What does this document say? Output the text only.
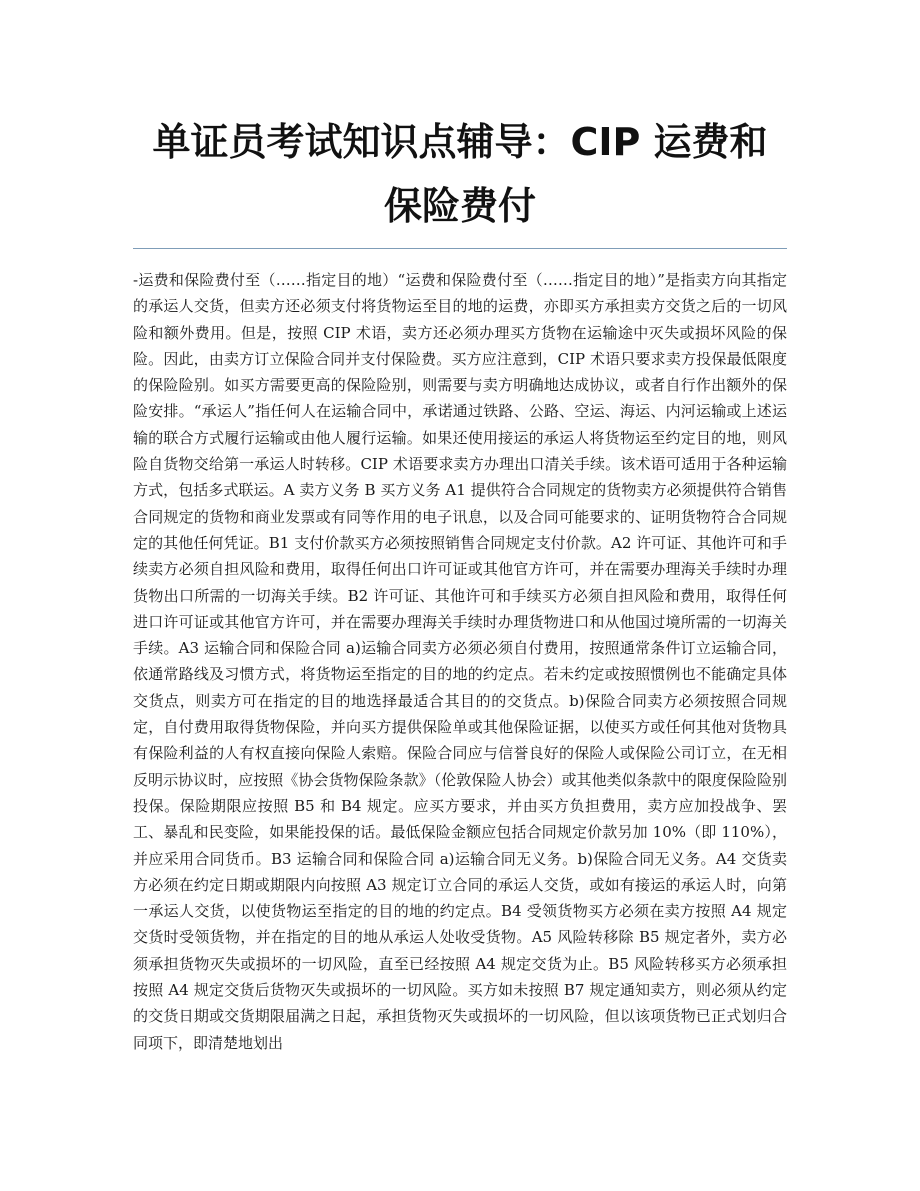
单证员考试知识点辅导：CIP 运费和
保险费付

-运费和保险费付至（……指定目的地）“运费和保险费付至（……指定目的地）”是指卖方向其指定的承运人交货，但卖方还必须支付将货物运至目的地的运费，亦即买方承担卖方交货之后的一切风险和额外费用。但是，按照 CIP 术语，卖方还必须办理买方货物在运输途中灭失或损坏风险的保险。因此，由卖方订立保险合同并支付保险费。买方应注意到，CIP 术语只要求卖方投保最低限度的保险险别。如买方需要更高的保险险别，则需要与卖方明确地达成协议，或者自行作出额外的保险安排。“承运人”指任何人在运输合同中，承诺通过铁路、公路、空运、海运、内河运输或上述运输的联合方式履行运输或由他人履行运输。如果还使用接运的承运人将货物运至约定目的地，则风险自货物交给第一承运人时转移。CIP 术语要求卖方办理出口清关手续。该术语可适用于各种运输方式，包括多式联运。A 卖方义务 B 买方义务 A1 提供符合合同规定的货物卖方必须提供符合销售合同规定的货物和商业发票或有同等作用的电子讯息，以及合同可能要求的、证明货物符合合同规定的其他任何凭证。B1 支付价款买方必须按照销售合同规定支付价款。A2 许可证、其他许可和手续卖方必须自担风险和费用，取得任何出口许可证或其他官方许可，并在需要办理海关手续时办理货物出口所需的一切海关手续。B2 许可证、其他许可和手续买方必须自担风险和费用，取得任何进口许可证或其他官方许可，并在需要办理海关手续时办理货物进口和从他国过境所需的一切海关手续。A3 运输合同和保险合同 a)运输合同卖方必须必须自付费用，按照通常条件订立运输合同，依通常路线及习惯方式，将货物运至指定的目的地的约定点。若未约定或按照惯例也不能确定具体交货点，则卖方可在指定的目的地选择最适合其目的的交货点。b)保险合同卖方必须按照合同规定，自付费用取得货物保险，并向买方提供保险单或其他保险证据，以使买方或任何其他对货物具有保险利益的人有权直接向保险人索赔。保险合同应与信誉良好的保险人或保险公司订立，在无相反明示协议时，应按照《协会货物保险条款》（伦敦保险人协会）或其他类似条款中的限度保险险别投保。保险期限应按照 B5 和 B4 规定。应买方要求，并由买方负担费用，卖方应加投战争、罢工、暴乱和民变险，如果能投保的话。最低保险金额应包括合同规定价款另加 10%（即 110%），并应采用合同货币。B3 运输合同和保险合同 a)运输合同无义务。b)保险合同无义务。A4 交货卖方必须在约定日期或期限内向按照 A3 规定订立合同的承运人交货，或如有接运的承运人时，向第一承运人交货，以使货物运至指定的目的地的约定点。B4 受领货物买方必须在卖方按照 A4 规定交货时受领货物，并在指定的目的地从承运人处收受货物。A5 风险转移除 B5 规定者外，卖方必须承担货物灭失或损坏的一切风险，直至已经按照 A4 规定交货为止。B5 风险转移买方必须承担按照 A4 规定交货后货物灭失或损坏的一切风险。买方如未按照 B7 规定通知卖方，则必须从约定的交货日期或交货期限届满之日起，承担货物灭失或损坏的一切风险，但以该项货物已正式划归合同项下，即清楚地划出
